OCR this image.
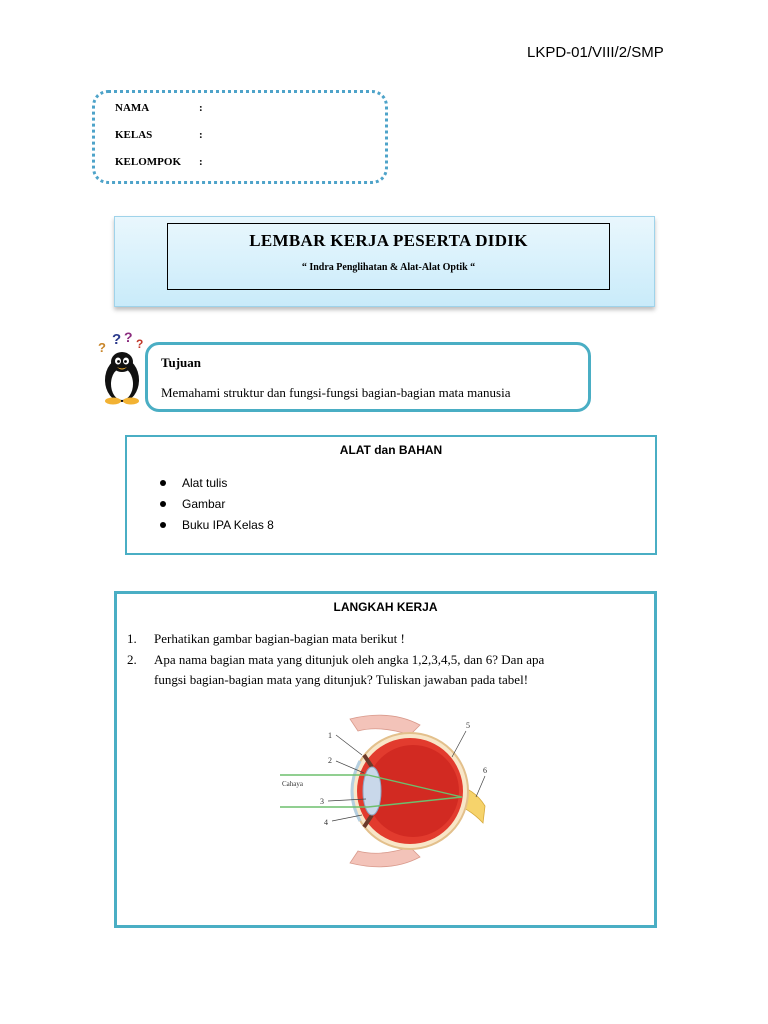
LKPD-01/VIII/2/SMP
NAMA	:
KELAS	:
KELOMPOK :
LEMBAR KERJA PESERTA DIDIK
“ Indra Penglihatan & Alat-Alat Optik “
? ? ? ?
Tujuan
Memahami struktur dan fungsi-fungsi bagian-bagian mata manusia
ALAT dan BAHAN
Alat tulis
Gambar
Buku IPA Kelas 8
LANGKAH KERJA
1. Perhatikan gambar bagian-bagian mata berikut !
2. Apa nama bagian mata yang ditunjuk oleh angka 1,2,3,4,5, dan 6? Dan apa
fungsi bagian-bagian mata yang ditunjuk? Tuliskan jawaban pada tabel!
Cahaya
1
2
3
4
5
6
